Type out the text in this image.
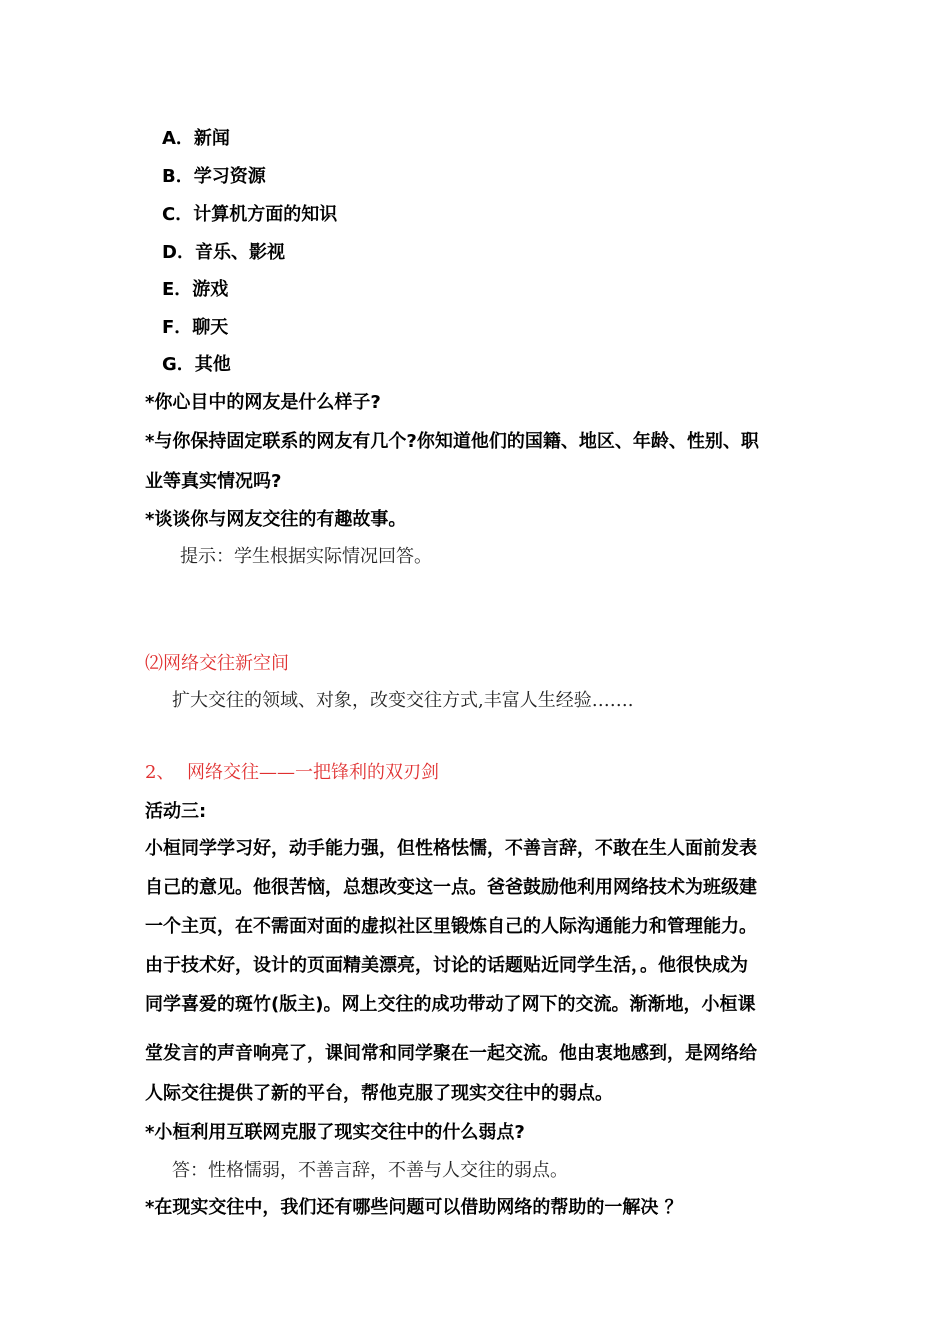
A．新闻
B．学习资源
C．计算机方面的知识
D．音乐、影视
E．游戏
F．聊天
G．其他
*你心目中的网友是什么样子?
*与你保持固定联系的网友有几个?你知道他们的国籍、地区、年龄、性别、职
业等真实情况吗?
*谈谈你与网友交往的有趣故事。
提示：学生根据实际情况回答。
⑵网络交往新空间
扩大交往的领域、对象，改变交往方式,丰富人生经验…….
2、 网络交往——一把锋利的双刃剑
活动三:
小桓同学学习好，动手能力强，但性格怯懦，不善言辞，不敢在生人面前发表
自己的意见。他很苦恼，总想改变这一点。爸爸鼓励他利用网络技术为班级建
一个主页，在不需面对面的虚拟社区里锻炼自己的人际沟通能力和管理能力。
由于技术好，设计的页面精美漂亮，讨论的话题贴近同学生活，。他很快成为
同学喜爱的斑竹(版主)。网上交往的成功带动了网下的交流。渐渐地，小桓课
堂发言的声音响亮了，课间常和同学聚在一起交流。他由衷地感到，是网络给
人际交往提供了新的平台，帮他克服了现实交往中的弱点。
*小桓利用互联网克服了现实交往中的什么弱点?
答：性格懦弱，不善言辞，不善与人交往的弱点。
*在现实交往中，我们还有哪些问题可以借助网络的帮助的一解决 ？
